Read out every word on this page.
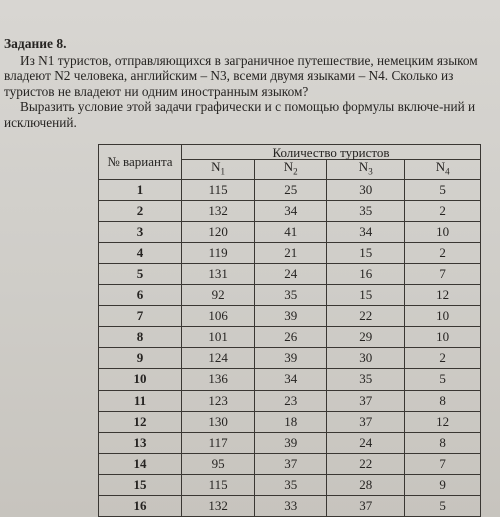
Задание 8.

Из N1 туристов, отправляющихся в заграничное путешествие, немецким языком владеют N2 человека, английским – N3, всеми двумя языками – N4. Сколько из туристов не владеют ни одним иностранным языком?

Выразить условие этой задачи графически и с помощью формулы включе-ний и исключений.

№ варианта	Количество туристов			
	$N_1$	$N_2$	$N_3$	$N_4$
1	115	25	30	5
2	132	34	35	2
3	120	41	34	10
4	119	21	15	2
5	131	24	16	7
6	92	35	15	12
7	106	39	22	10
8	101	26	29	10
9	124	39	30	2
10	136	34	35	5
11	123	23	37	8
12	130	18	37	12
13	117	39	24	8
14	95	37	22	7
15	115	35	28	9
16	132	33	37	5
